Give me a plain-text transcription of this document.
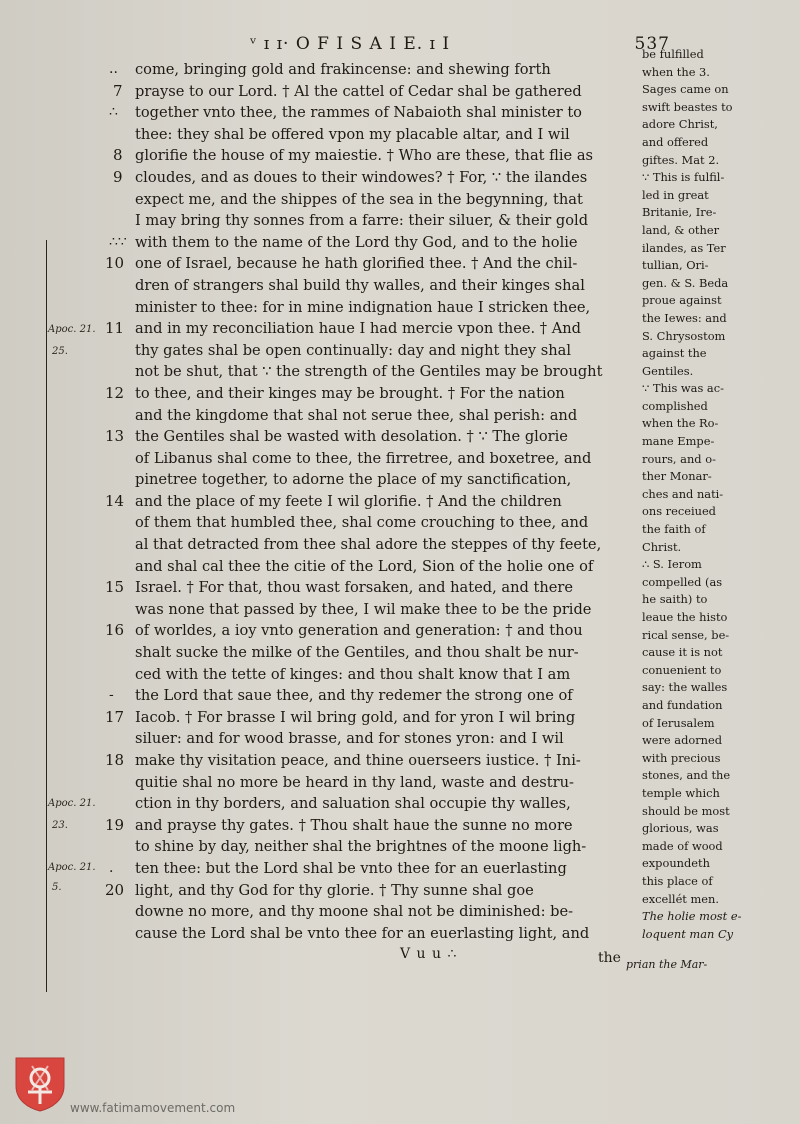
ᵛ ɪ ɪ· O F I S A I E. ɪ I	537
Apoc. 21.
25.
Apoc. 21.
23.
Apoc. 21.
5.
.. come, bringing gold and frakincense: and shewing forth
7 prayse to our Lord. † Al the cattel of Cedar shal be gathered
∴ together vnto thee, the rammes of Nabaioth shal minister to
thee: they shal be offered vpon my placable altar, and I wil
8 glorifie the house of my maiestie. † Who are these, that flie as
9 cloudes, and as doues to their windowes? † For, ∵ the ilandes
expect me, and the shippes of the sea in the begynning, that
I may bring thy sonnes from a farre: their siluer, & their gold
∴∵ with them to the name of the Lord thy God, and to the holie
10 one of Israel, because he hath glorified thee. † And the chil-
dren of strangers shal build thy walles, and their kinges shal
minister to thee: for in mine indignation haue I stricken thee,
11 and in my reconciliation haue I had mercie vpon thee. † And
thy gates shal be open continually: day and night they shal
not be shut, that ∵ the strength of the Gentiles may be brought
12 to thee, and their kinges may be brought. † For the nation
and the kingdome that shal not serue thee, shal perish: and
13 the Gentiles shal be wasted with desolation. † ∵ The glorie
of Libanus shal come to thee, the firretree, and boxetree, and
pinetree together, to adorne the place of my sanctification,
14 and the place of my feete I wil glorifie. † And the children
of them that humbled thee, shal come crouching to thee, and
al that detracted from thee shal adore the steppes of thy feete,
and shal cal thee the citie of the Lord, Sion of the holie one of
15 Israel. † For that, thou wast forsaken, and hated, and there
was none that passed by thee, I wil make thee to be the pride
16 of worldes, a ioy vnto generation and generation: † and thou
shalt sucke the milke of the Gentiles, and thou shalt be nur-
ced with the tette of kinges: and thou shalt know that I am
- the Lord that saue thee, and thy redemer the strong one of
17 Iacob. † For brasse I wil bring gold, and for yron I wil bring
siluer: and for wood brasse, and for stones yron: and I wil
18 make thy visitation peace, and thine ouerseers iustice. † Ini-
quitie shal no more be heard in thy land, waste and destru-
ction in thy borders, and saluation shal occupie thy walles,
19 and prayse thy gates. † Thou shalt haue the sunne no more
to shine by day, neither shal the brightnes of the moone ligh-
. ten thee: but the Lord shal be vnto thee for an euerlasting
20 light, and thy God for thy glorie. † Thy sunne shal goe
downe no more, and thy moone shal not be diminished: be-
cause the Lord shal be vnto thee for an euerlasting light, and
be fulfilled
when the 3.
Sages came on
swift beastes to
adore Christ,
and offered
giftes. Mat 2.
∵ This is fulfil-
led in great
Britanie, Ire-
land, & other
ilandes, as Ter
tullian, Ori-
gen. & S. Beda
proue against
the Iewes: and
S. Chrysostom
against the
Gentiles.
∵ This was ac-
complished
when the Ro-
mane Empe-
rours, and o-
ther Monar-
ches and nati-
ons receiued
the faith of
Christ.
∴ S. Ierom
compelled (as
he saith) to
leaue the histo
rical sense, be-
cause it is not
conuenient to
say: the walles
and fundation
of Ierusalem
were adorned
with precious
stones, and the
temple which
should be most
glorious, was
made of wood
expoundeth
this place of
excellét men.
The holie most e-
loquent man Cy
prian the Mar-
V u u ∴	the
www.fatimamovement.com
